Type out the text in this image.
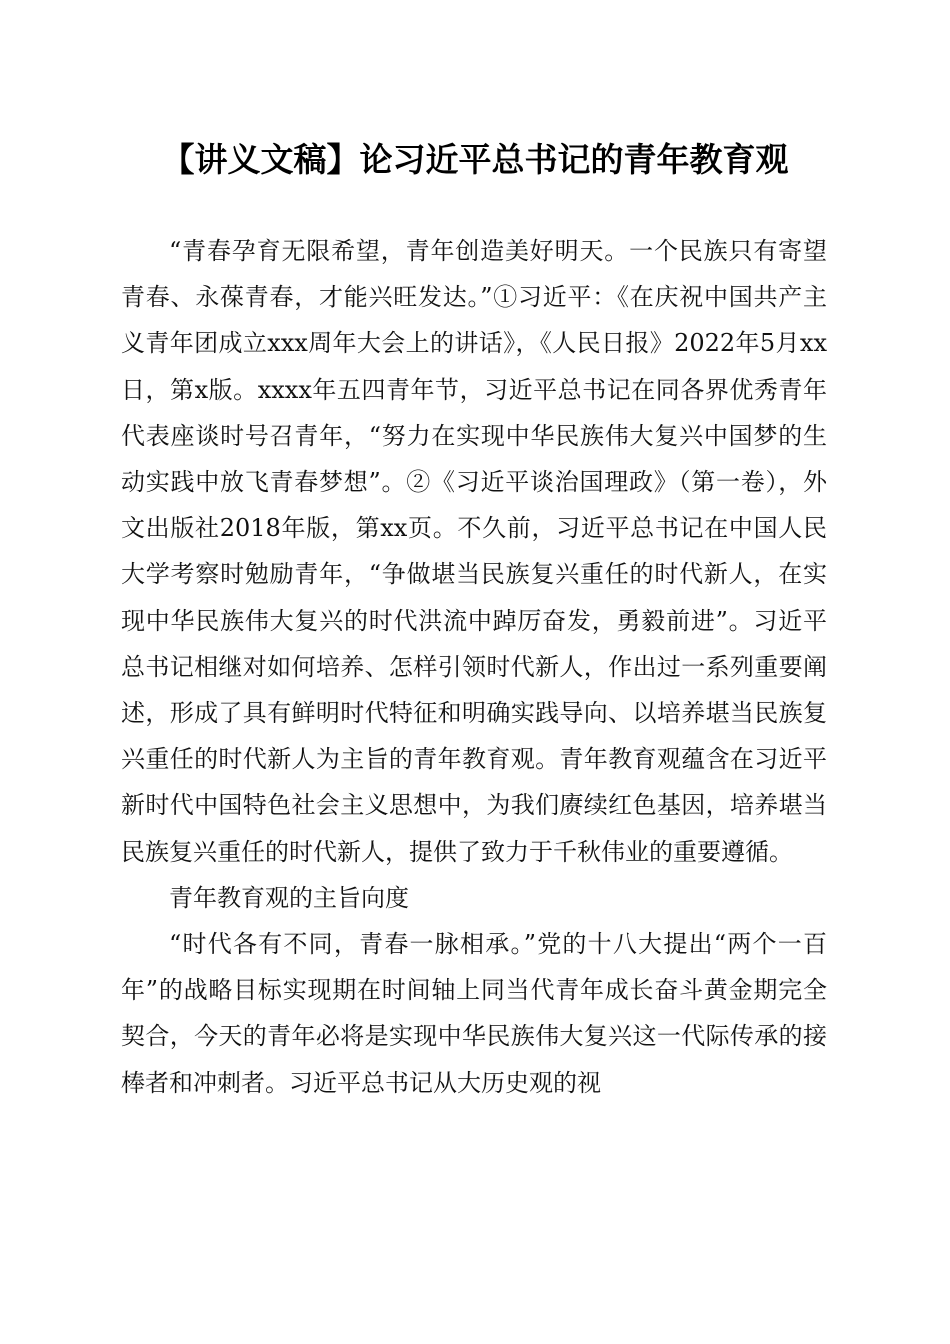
【讲义文稿】论习近平总书记的青年教育观

“青春孕育无限希望，青年创造美好明天。一个民族只有寄望青春、永葆青春，才能兴旺发达。”①习近平：《在庆祝中国共产主义青年团成立xxx周年大会上的讲话》，《人民日报》2022年5月xx日，第x版。xxxx年五四青年节，习近平总书记在同各界优秀青年代表座谈时号召青年，“努力在实现中华民族伟大复兴中国梦的生动实践中放飞青春梦想”。②《习近平谈治国理政》（第一卷），外文出版社2018年版，第xx页。不久前，习近平总书记在中国人民大学考察时勉励青年，“争做堪当民族复兴重任的时代新人，在实现中华民族伟大复兴的时代洪流中踔厉奋发，勇毅前进”。习近平总书记相继对如何培养、怎样引领时代新人，作出过一系列重要阐述，形成了具有鲜明时代特征和明确实践导向、以培养堪当民族复兴重任的时代新人为主旨的青年教育观。青年教育观蕴含在习近平新时代中国特色社会主义思想中，为我们赓续红色基因，培养堪当民族复兴重任的时代新人，提供了致力于千秋伟业的重要遵循。

青年教育观的主旨向度

“时代各有不同，青春一脉相承。”党的十八大提出“两个一百年”的战略目标实现期在时间轴上同当代青年成长奋斗黄金期完全契合，今天的青年必将是实现中华民族伟大复兴这一代际传承的接棒者和冲刺者。习近平总书记从大历史观的视
